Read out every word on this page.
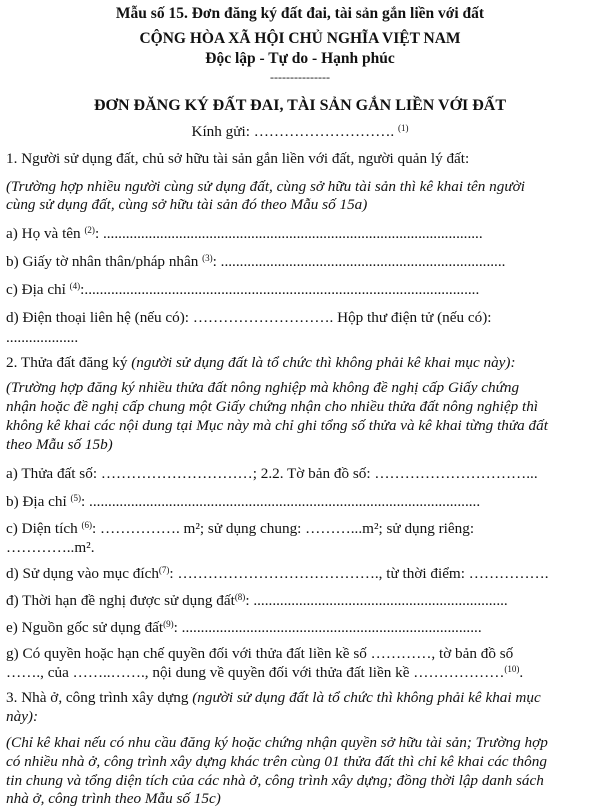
Mẫu số 15. Đơn đăng ký đất đai, tài sản gắn liền với đất
CỘNG HÒA XÃ HỘI CHỦ NGHĨA VIỆT NAM
Độc lập - Tự do - Hạnh phúc
---------------
ĐƠN ĐĂNG KÝ ĐẤT ĐAI, TÀI SẢN GẮN LIỀN VỚI ĐẤT
Kính gửi: ………………………. $^{(1)}$
1. Người sử dụng đất, chủ sở hữu tài sản gắn liền với đất, người quản lý đất:
(Trường hợp nhiều người cùng sử dụng đất, cùng sở hữu tài sản thì kê khai tên người
cùng sử dụng đất, cùng sở hữu tài sản đó theo Mẫu số 15a)
a) Họ và tên $^{(2)}$: ....................................................................................................
b) Giấy tờ nhân thân/pháp nhân $^{(3)}$: ...........................................................................
c) Địa chỉ $^{(4)}$:........................................................................................................
d) Điện thoại liên hệ (nếu có): ………………………. Hộp thư điện tử (nếu có):
...................
2. Thửa đất đăng ký (người sử dụng đất là tổ chức thì không phải kê khai mục này):
(Trường hợp đăng ký nhiều thửa đất nông nghiệp mà không đề nghị cấp Giấy chứng
nhận hoặc đề nghị cấp chung một Giấy chứng nhận cho nhiều thửa đất nông nghiệp thì
không kê khai các nội dung tại Mục này mà chỉ ghi tổng số thửa và kê khai từng thửa đất
theo Mẫu số 15b)
a) Thửa đất số: …………………………; 2.2. Tờ bản đồ số: …………………………...
b) Địa chỉ $^{(5)}$: .......................................................................................................
c) Diện tích $^{(6)}$: ……………. m²; sử dụng chung: ………...m²; sử dụng riêng:
…………..m².
d) Sử dụng vào mục đích$^{(7)}$: …………………………………., từ thời điểm: …………….
đ) Thời hạn đề nghị được sử dụng đất$^{(8)}$: ...................................................................
e) Nguồn gốc sử dụng đất$^{(9)}$: ...............................................................................
g) Có quyền hoặc hạn chế quyền đối với thửa đất liền kề số …………, tờ bản đồ số
……., của ……..……., nội dung về quyền đối với thửa đất liền kề ………………$^{(10)}$.
3. Nhà ở, công trình xây dựng (người sử dụng đất là tổ chức thì không phải kê khai mục
này):
(Chỉ kê khai nếu có nhu cầu đăng ký hoặc chứng nhận quyền sở hữu tài sản; Trường hợp
có nhiều nhà ở, công trình xây dựng khác trên cùng 01 thửa đất thì chỉ kê khai các thông
tin chung và tổng diện tích của các nhà ở, công trình xây dựng; đồng thời lập danh sách
nhà ở, công trình theo Mẫu số 15c)
